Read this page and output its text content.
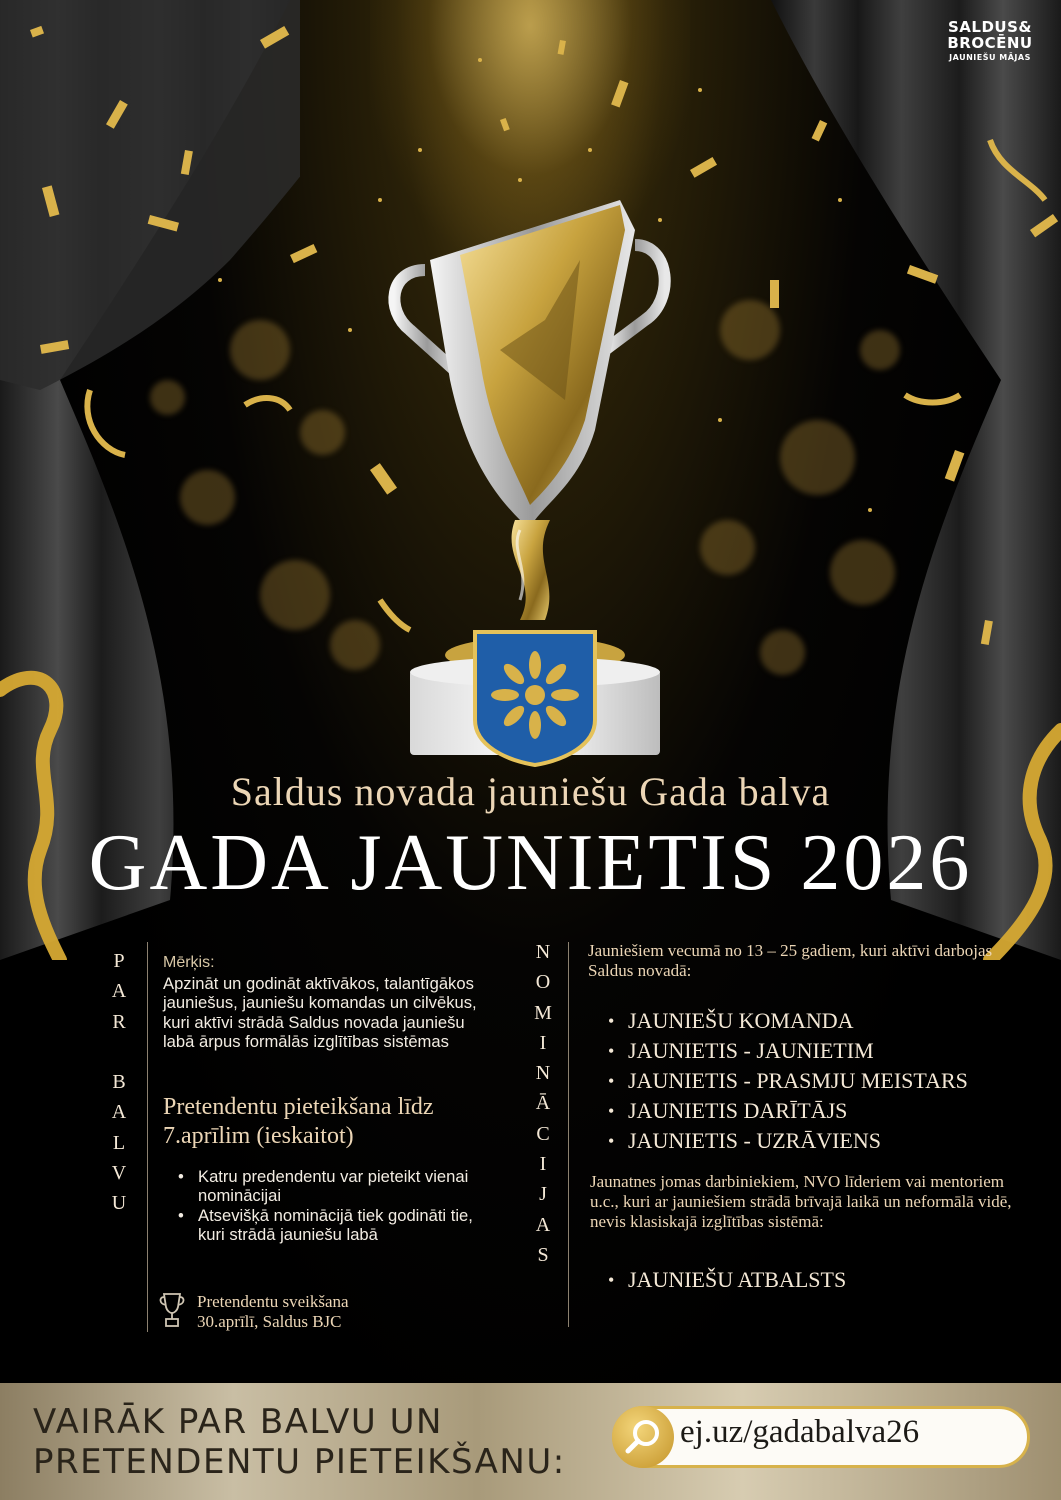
SALDUS&
BROCĒNU
JAUNIEŠU MĀJAS
Saldus novada jauniešu Gada balva
GADA JAUNIETIS 2026
P
A
R

B
A
L
V
U
Mērķis:
Apzināt un godināt aktīvākos, talantīgākos jauniešus, jauniešu komandas un cilvēkus, kuri aktīvi strādā Saldus novada jauniešu labā ārpus formālās izglītības sistēmas
Pretendentu pieteikšana līdz 7.aprīlim (ieskaitot)
• Katru predendentu var pieteikt vienai nominācijai
• Atsevišķā nominācijā tiek godināti tie, kuri strādā jauniešu labā
Pretendentu sveikšana
30.aprīlī, Saldus BJC
N
O
M
I
N
Ā
C
I
J
A
S
Jauniešiem vecumā no 13 – 25 gadiem, kuri aktīvi darbojas Saldus novadā:
• JAUNIEŠU KOMANDA
• JAUNIETIS - JAUNIETIM
• JAUNIETIS - PRASMJU MEISTARS
• JAUNIETIS DARĪTĀJS
• JAUNIETIS - UZRĀVIENS
Jaunatnes jomas darbiniekiem, NVO līderiem vai mentoriem u.c., kuri ar jauniešiem strādā brīvajā laikā un neformālā vidē, nevis klasiskajā izglītības sistēmā:
• JAUNIEŠU ATBALSTS
VAIRĀK PAR BALVU UN
PRETENDENTU PIETEIKŠANU:
ej.uz/gadabalva26
